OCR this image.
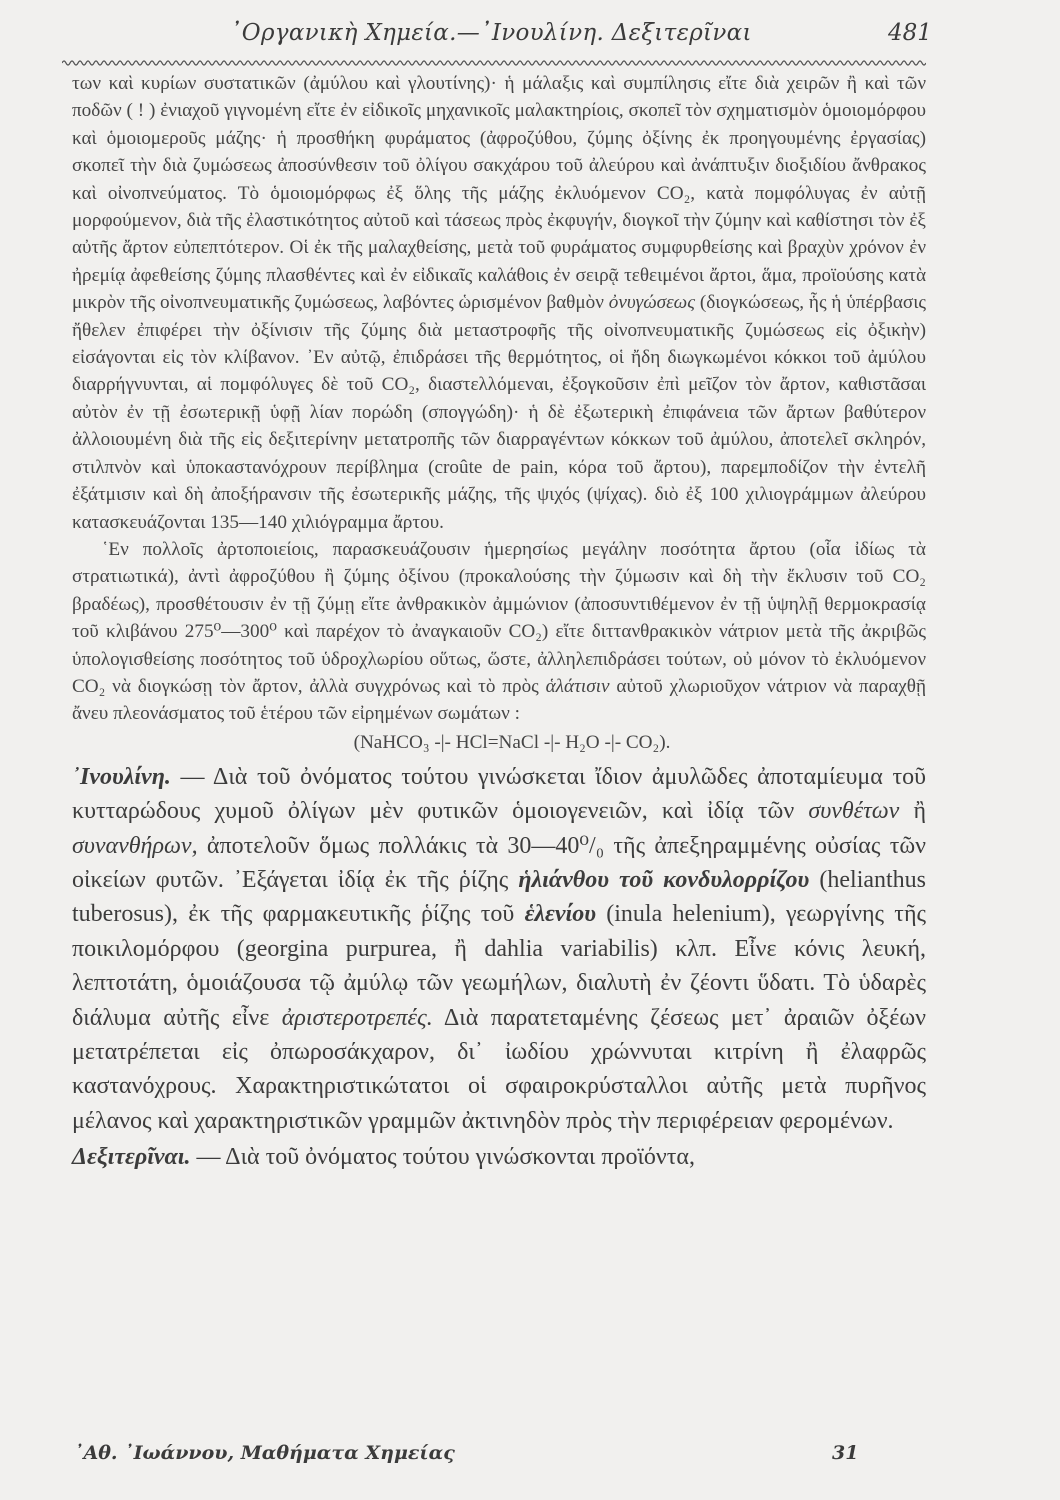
᾿Οργανικὴ Χημεία.—᾿Ινουλίνη. Δεξιτερῖναι	481

των καὶ κυρίων συστατικῶν (ἀμύλου καὶ γλουτίνης)· ἡ μάλαξις καὶ συμπίλησις εἴτε διὰ χειρῶν ἢ καὶ τῶν ποδῶν ( ! ) ἐνιαχοῦ γιγνομένη εἴτε ἐν εἰδικοῖς μηχανικοῖς μαλακτηρίοις, σκοπεῖ τὸν σχηματισμὸν ὁμοιομόρφου καὶ ὁμοιομεροῦς μάζης· ἡ προσθήκη φυράματος (ἀφροζύθου, ζύμης ὀξίνης ἐκ προηγουμένης ἐργασίας) σκοπεῖ τὴν διὰ ζυμώσεως ἀποσύνθεσιν τοῦ ὀλίγου σακχάρου τοῦ ἀλεύρου καὶ ἀνάπτυξιν διοξιδίου ἄνθρακος καὶ οἰνοπνεύματος. Τὸ ὁμοιομόρφως ἐξ ὅλης τῆς μάζης ἐκλυόμενον CO₂, κατὰ πομφόλυγας ἐν αὐτῇ μορφούμενον, διὰ τῆς ἐλαστικότητος αὐτοῦ καὶ τάσεως πρὸς ἐκφυγήν, διογκοῖ τὴν ζύμην καὶ καθίστησι τὸν ἐξ αὐτῆς ἄρτον εὐπεπτότερον. Οἱ ἐκ τῆς μαλαχθείσης, μετὰ τοῦ φυράματος συμφυρθείσης καὶ βραχὺν χρόνον ἐν ἠρεμίᾳ ἀφεθείσης ζύμης πλασθέντες καὶ ἐν εἰδικαῖς καλάθοις ἐν σειρᾷ τεθειμένοι ἄρτοι, ἅμα, προϊούσης κατὰ μικρὸν τῆς οἰνοπνευματικῆς ζυμώσεως, λαβόντες ὡρισμένον βαθμὸν ὀνυγώσεως (διογκώσεως, ἧς ἡ ὑπέρβασις ἤθελεν ἐπιφέρει τὴν ὀξίνισιν τῆς ζύμης διὰ μεταστροφῆς τῆς οἰνοπνευματικῆς ζυμώσεως εἰς ὀξικὴν) εἰσάγονται εἰς τὸν κλίβανον. ᾿Εν αὐτῷ, ἐπιδράσει τῆς θερμότητος, οἱ ἤδη διωγκωμένοι κόκκοι τοῦ ἀμύλου διαρρήγνυνται, αἱ πομφόλυγες δὲ τοῦ CO₂, διαστελλόμεναι, ἐξογκοῦσιν ἐπὶ μεῖζον τὸν ἄρτον, καθιστᾶσαι αὐτὸν ἐν τῇ ἐσωτερικῇ ὑφῇ λίαν πορώδη (σπογγώδη)· ἡ δὲ ἐξωτερικὴ ἐπιφάνεια τῶν ἄρτων βαθύτερον ἀλλοιουμένη διὰ τῆς εἰς δεξιτερίνην μετατροπῆς τῶν διαρραγέντων κόκκων τοῦ ἀμύλου, ἀποτελεῖ σκληρόν, στιλπνὸν καὶ ὑποκαστανόχρουν περίβλημα (croûte de pain, κόρα τοῦ ἄρτου), παρεμποδίζον τὴν ἐντελῆ ἐξάτμισιν καὶ δὴ ἀποξήρανσιν τῆς ἐσωτερικῆς μάζης, τῆς ψιχός (ψίχας). διὸ ἐξ 100 χιλιογράμμων ἀλεύρου κατασκευάζονται 135—140 χιλιόγραμμα ἄρτου.

῾Εν πολλοῖς ἀρτοποιείοις, παρασκευάζουσιν ἡμερησίως μεγάλην ποσότητα ἄρτου (οἷα ἰδίως τὰ στρατιωτικά), ἀντὶ ἀφροζύθου ἢ ζύμης ὀξίνου (προκαλούσης τὴν ζύμωσιν καὶ δὴ τὴν ἔκλυσιν τοῦ CO₂ βραδέως), προσθέτουσιν ἐν τῇ ζύμῃ εἴτε ἀνθρακικὸν ἀμμώνιον (ἀποσυντιθέμενον ἐν τῇ ὑψηλῇ θερμοκρασίᾳ τοῦ κλιβάνου 275⁰—300⁰ καὶ παρέχον τὸ ἀναγκαιοῦν CO₂) εἴτε διττανθρακικὸν νάτριον μετὰ τῆς ἀκριβῶς ὑπολογισθείσης ποσότητος τοῦ ὑδροχλωρίου οὕτως, ὥστε, ἀλληλεπιδράσει τούτων, οὐ μόνον τὸ ἐκλυόμενον CO₂ νὰ διογκώσῃ τὸν ἄρτον, ἀλλὰ συγχρόνως καὶ τὸ πρὸς ἁλάτισιν αὐτοῦ χλωριοῦχον νάτριον νὰ παραχθῇ ἄνευ πλεονάσματος τοῦ ἑτέρου τῶν εἰρημένων σωμάτων :

(NaHCO₃ -|- HCl=NaCl -|- H₂O -|- CO₂).

᾿Ινουλίνη. — Διὰ τοῦ ὀνόματος τούτου γινώσκεται ἴδιον ἀμυλῶδες ἀποταμίευμα τοῦ κυτταρώδους χυμοῦ ὀλίγων μὲν φυτικῶν ὁμοιογενειῶν, καὶ ἰδίᾳ τῶν συνθέτων ἢ συνανθήρων, ἀποτελοῦν ὅμως πολλάκις τὰ 30—40⁰/₀ τῆς ἀπεξηραμμένης οὐσίας τῶν οἰκείων φυτῶν. ᾿Εξάγεται ἰδίᾳ ἐκ τῆς ῥίζης ἡλιάνθου τοῦ κονδυλορρίζου (helianthus tuberosus), ἐκ τῆς φαρμακευτικῆς ῥίζης τοῦ ἑλενίου (inula helenium), γεωργίνης τῆς ποικιλομόρφου (georgina purpurea, ἢ dahlia variabilis) κλπ. Εἶνε κόνις λευκή, λεπτοτάτη, ὁμοιάζουσα τῷ ἀμύλῳ τῶν γεωμήλων, διαλυτὴ ἐν ζέοντι ὕδατι. Τὸ ὑδαρὲς διάλυμα αὐτῆς εἶνε ἀριστεροτρεπές. Διὰ παρατεταμένης ζέσεως μετ᾿ ἀραιῶν ὀξέων μετατρέπεται εἰς ὀπωροσάκχαρον, δι᾿ ἰωδίου χρώννυται κιτρίνη ἢ ἐλαφρῶς καστανόχρους. Χαρακτηριστικώτατοι οἱ σφαιροκρύσταλλοι αὐτῆς μετὰ πυρῆνος μέλανος καὶ χαρακτηριστικῶν γραμμῶν ἀκτινηδὸν πρὸς τὴν περιφέρειαν φερομένων.

Δεξιτερῖναι. — Διὰ τοῦ ὀνόματος τούτου γινώσκονται προϊόντα,

᾿Αθ. ᾿Ιωάννου, Μαθήματα Χημείας	31
